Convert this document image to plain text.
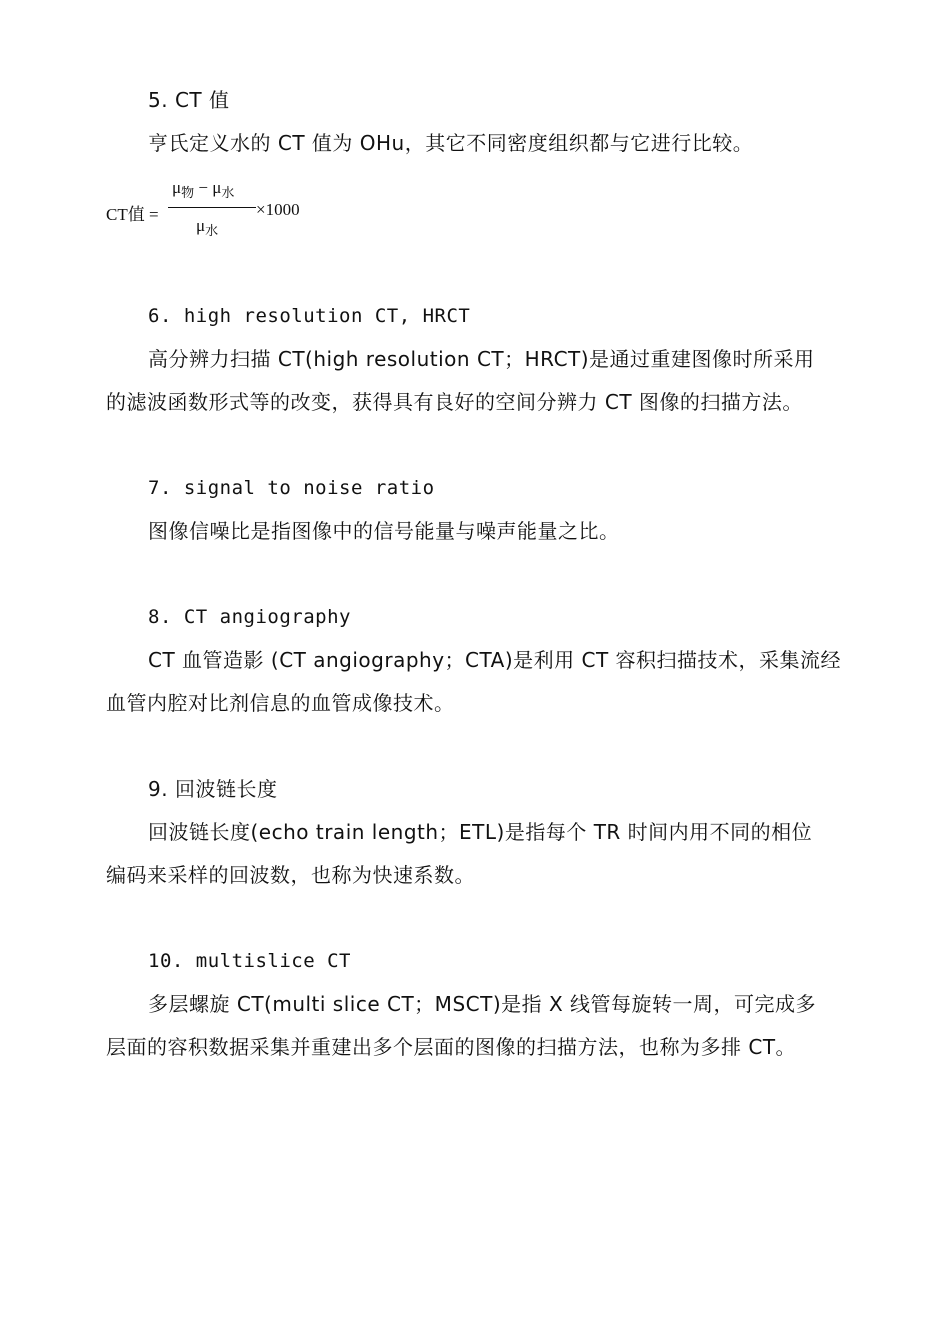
5. CT 值
亨氏定义水的 CT 值为 OHu，其它不同密度组织都与它进行比较。
CT值 =
$\mu_物 - \mu_水$
$\mu_水$
×1000
6. high resolution CT, HRCT
高分辨力扫描 CT(high resolution CT；HRCT)是通过重建图像时所采用
的滤波函数形式等的改变，获得具有良好的空间分辨力 CT 图像的扫描方法。
7. signal to noise ratio
图像信噪比是指图像中的信号能量与噪声能量之比。
8. CT angiography
CT 血管造影 (CT angiography；CTA)是利用 CT 容积扫描技术，采集流经
血管内腔对比剂信息的血管成像技术。
9. 回波链长度
回波链长度(echo train length；ETL)是指每个 TR 时间内用不同的相位
编码来采样的回波数，也称为快速系数。
10. multislice CT
多层螺旋 CT(multi slice CT；MSCT)是指 X 线管每旋转一周，可完成多
层面的容积数据采集并重建出多个层面的图像的扫描方法，也称为多排 CT。
